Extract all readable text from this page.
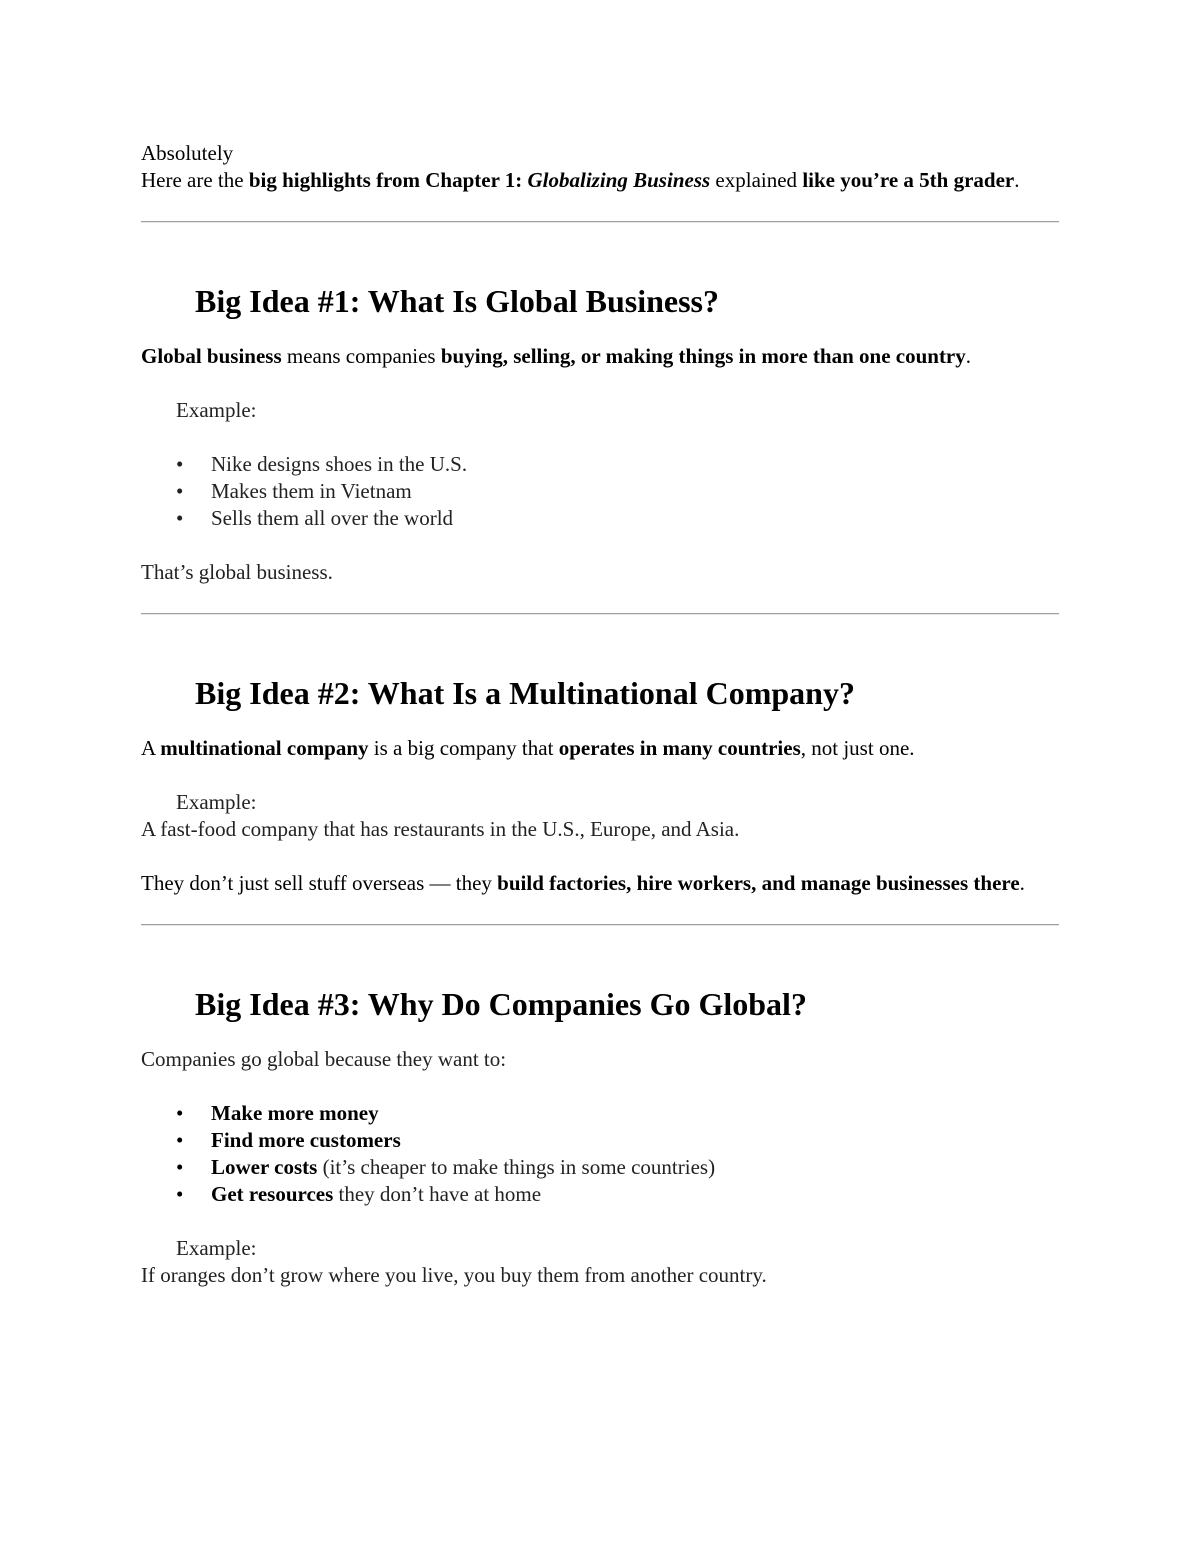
Absolutely

Here are the big highlights from Chapter 1: Globalizing Business explained like you’re a 5th grader.

Big Idea #1: What Is Global Business?

Global business means companies buying, selling, or making things in more than one country.

Example:

• Nike designs shoes in the U.S.
• Makes them in Vietnam
• Sells them all over the world

That’s global business.

Big Idea #2: What Is a Multinational Company?

A multinational company is a big company that operates in many countries, not just one.

Example:

A fast-food company that has restaurants in the U.S., Europe, and Asia.

They don’t just sell stuff overseas — they build factories, hire workers, and manage businesses there.

Big Idea #3: Why Do Companies Go Global?

Companies go global because they want to:

• Make more money
• Find more customers
• Lower costs (it’s cheaper to make things in some countries)
• Get resources they don’t have at home

Example:

If oranges don’t grow where you live, you buy them from another country.
